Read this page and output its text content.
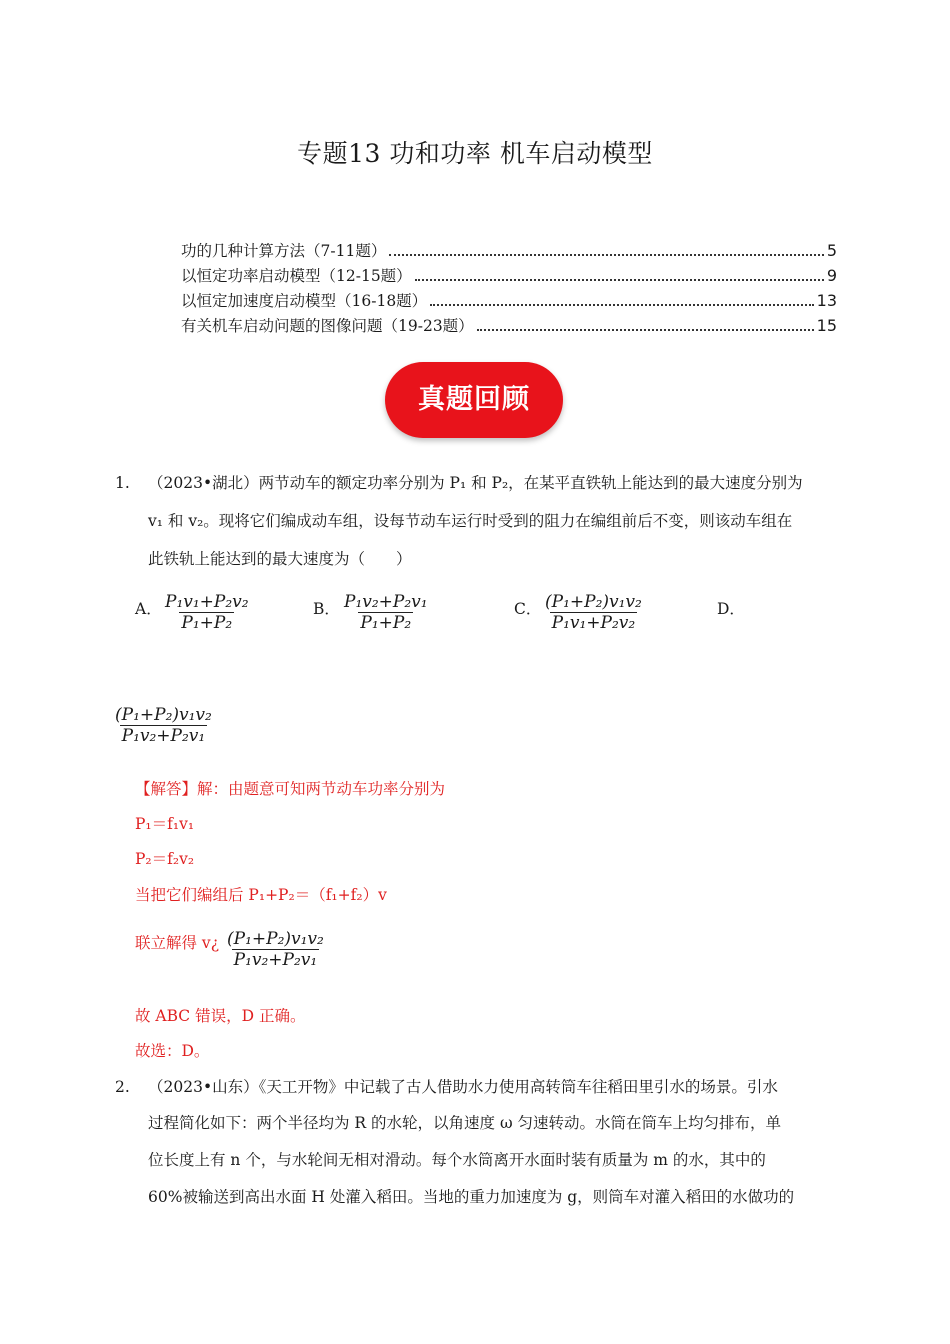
专题13 功和功率 机车启动模型
功的几种计算方法（7-11题）	5
以恒定功率启动模型（12-15题）	9
以恒定加速度启动模型（16-18题）	13
有关机车启动问题的图像问题（19-23题）	15
真题回顾
1. （2023•湖北）两节动车的额定功率分别为 P₁ 和 P₂，在某平直铁轨上能达到的最大速度分别为
v₁ 和 v₂。现将它们编成动车组，设每节动车运行时受到的阻力在编组前后不变，则该动车组在
此铁轨上能达到的最大速度为（　　）
A． $\frac{\text{P₁v₁+P₂v₂}}{\text{P₁+P₂}}$	B． $\frac{\text{P₁v₂+P₂v₁}}{\text{P₁+P₂}}$	C． $\frac{\text{(P₁+P₂)v₁v₂}}{\text{P₁v₁+P₂v₂}}$	D．
$\frac{\text{(P₁+P₂)v₁v₂}}{\text{P₁v₂+P₂v₁}}$
【解答】解：由题意可知两节动车功率分别为
P₁＝f₁v₁
P₂＝f₂v₂
当把它们编组后 P₁+P₂＝（f₁+f₂）v
联立解得 v¿ $\frac{\text{(P₁+P₂)v₁v₂}}{\text{P₁v₂+P₂v₁}}$
故 ABC 错误，D 正确。
故选：D。
2. （2023•山东）《天工开物》中记载了古人借助水力使用高转筒车往稻田里引水的场景。引水
过程简化如下：两个半径均为 R 的水轮，以角速度 ω 匀速转动。水筒在筒车上均匀排布，单
位长度上有 n 个，与水轮间无相对滑动。每个水筒离开水面时装有质量为 m 的水，其中的
60%被输送到高出水面 H 处灌入稻田。当地的重力加速度为 g，则筒车对灌入稻田的水做功的
